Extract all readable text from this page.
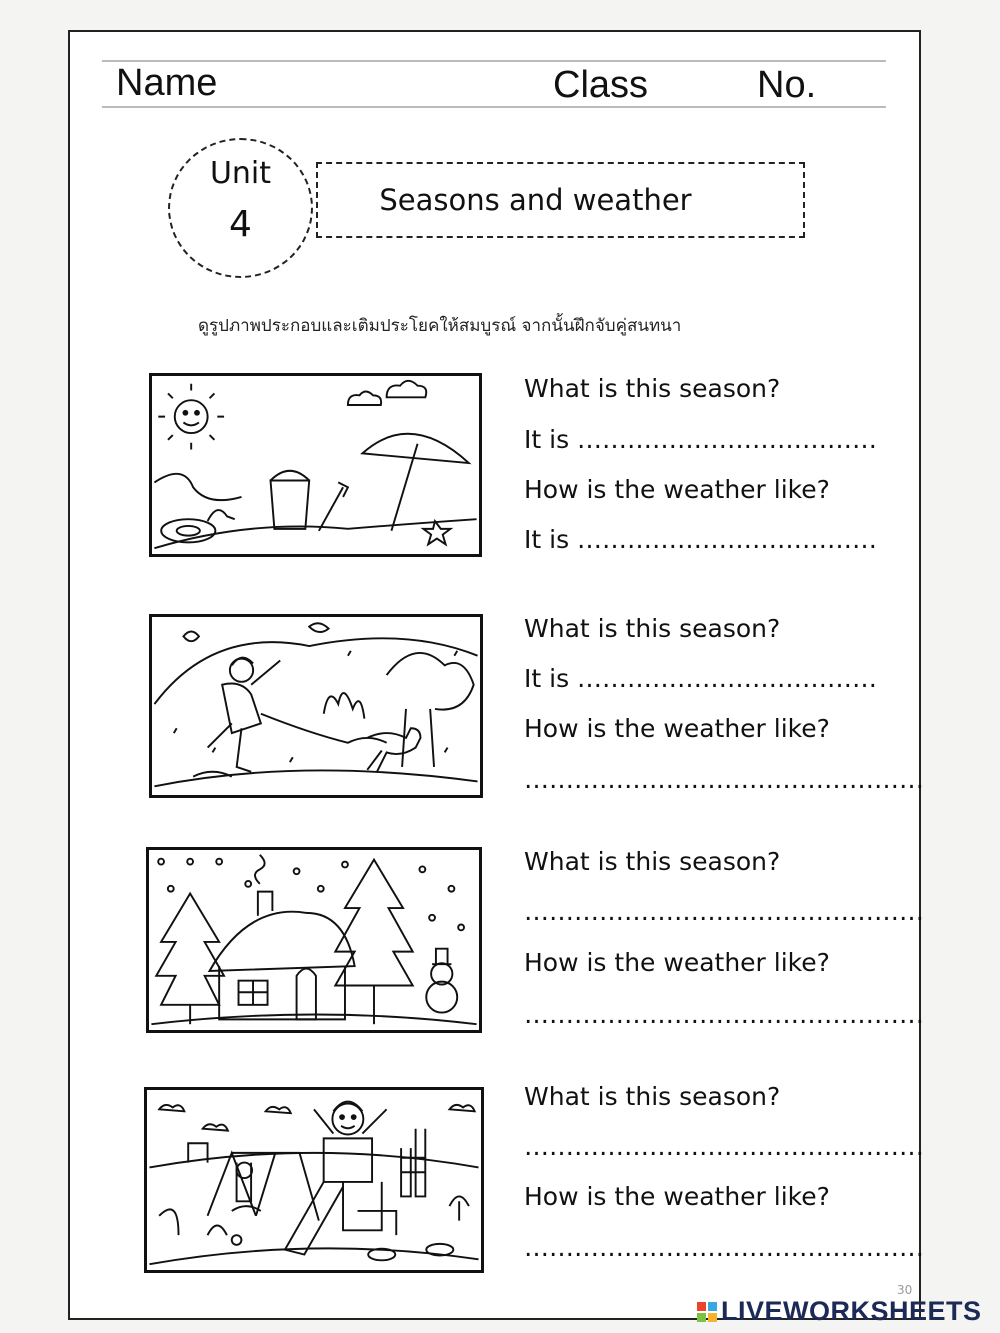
Name	Class	No.
Unit
4
Seasons and weather
ดูรูปภาพประกอบและเติมประโยคให้สมบูรณ์ จากนั้นฝึกจับคู่สนทนา
What is this season?
It is ………………………………
How is the weather like?
It is ………………………………
What is this season?
It is ………………………………
How is the weather like?
…………………………………………
What is this season?
…………………………………………
How is the weather like?
…………………………………………
What is this season?
…………………………………………
How is the weather like?
…………………………………………
30
LIVEWORKSHEETS
